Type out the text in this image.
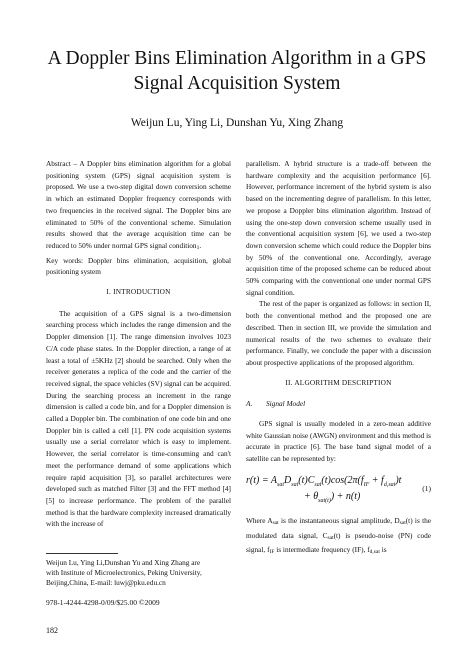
A Doppler Bins Elimination Algorithm in a GPS
Signal Acquisition System
Weijun Lu, Ying Li, Dunshan Yu, Xing Zhang

Abstract – A Doppler bins elimination algorithm for a global positioning system (GPS) signal acquisition system is proposed. We use a two-step digital down conversion scheme in which an estimated Doppler frequency corresponds with two frequencies in the received signal. The Doppler bins are eliminated to 50% of the conventional scheme. Simulation results showed that the average acquisition time can be reduced to 50% under normal GPS signal condition$^1$.

Key words: Doppler bins elimination, acquisition, global positioning system

I. INTRODUCTION

The acquisition of a GPS signal is a two-dimension searching process which includes the range dimension and the Doppler dimension [1]. The range dimension involves 1023 C/A code phase states. In the Doppler direction, a range of at least a total of ±5KHz [2] should be searched. Only when the receiver generates a replica of the code and the carrier of the received signal, the space vehicles (SV) signal can be acquired. During the searching process an increment in the range dimension is called a code bin, and for a Doppler dimension is called a Doppler bin. The combination of one code bin and one Doppler bin is called a cell [1]. PN code acquisition systems usually use a serial correlator which is easy to implement. However, the serial correlator is time-consuming and can't meet the performance demand of some applications which require rapid acquisition [3], so parallel architectures were developed such as matched Filter [3] and the FFT method [4][5] to increase performance. The problem of the parallel method is that the hardware complexity increased dramatically with the increase of

Weijun Lu, Ying Li,Dunshan Yu and Xing Zhang are
with Institute of Microelectronics, Peking University,
Beijing,China, E-mail: luwj@pku.edu.cn
978-1-4244-4298-0/09/$25.00 ©2009
182

parallelism. A hybrid structure is a trade-off between the hardware complexity and the acquisition performance [6]. However, performance increment of the hybrid system is also based on the incrementing degree of parallelism. In this letter, we propose a Doppler bins elimination algorithm. Instead of using the one-step down conversion scheme usually used in the conventional acquisition system [6], we used a two-step down conversion scheme which could reduce the Doppler bins by 50% of the conventional one. Accordingly, average acquisition time of the proposed scheme can be reduced about 50% comparing with the conventional one under normal GPS signal condition.

The rest of the paper is organized as follows: in section II, both the conventional method and the proposed one are described. Then in section III, we provide the simulation and numerical results of the two schemes to evaluate their performance. Finally, we conclude the paper with a discussion about prospective applications of the proposed algorithm.

II. ALGORITHM DESCRIPTION
A. Signal Model

GPS signal is usually modeled in a zero-mean additive white Gaussian noise (AWGN) environment and this method is accurate in practice [6]. The base band signal model of a satellite can be represented by:

$r(t) = A_{sat}D_{sat}(t)C_{sat}(t)\cos(2\pi(f_{IF} + f_{d,sat})t$
+ $\theta_{sat(t)}) + n(t)$
(1)

Where $A_{sat}$ is the instantaneous signal amplitude, $D_{sat}(t)$ is the modulated data signal, $C_{sat}(t)$ is pseudo-noise (PN) code signal, $f_{IF}$ is intermediate frequency (IF), $f_{d,sat}$ is
